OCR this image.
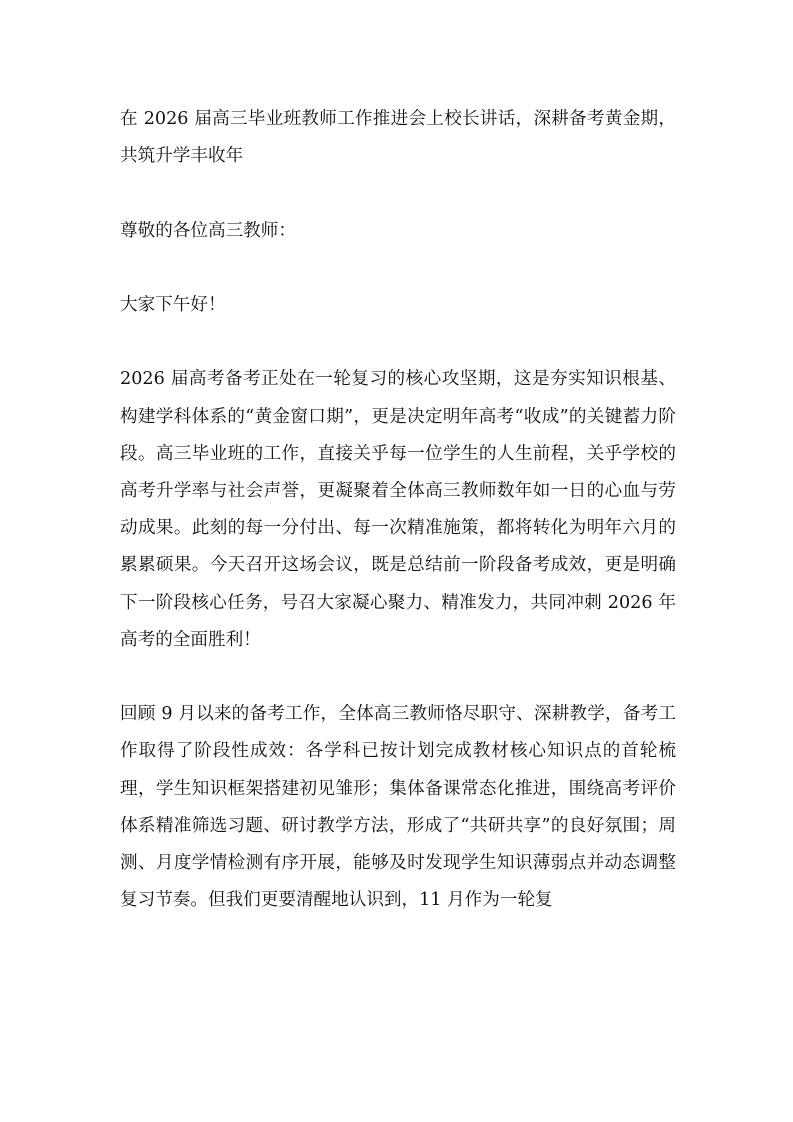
在 2026 届高三毕业班教师工作推进会上校长讲话，深耕备考黄金期，共筑升学丰收年

尊敬的各位高三教师：

大家下午好！

2026 届高考备考正处在一轮复习的核心攻坚期，这是夯实知识根基、构建学科体系的“黄金窗口期”，更是决定明年高考“收成”的关键蓄力阶段。高三毕业班的工作，直接关乎每一位学生的人生前程，关乎学校的高考升学率与社会声誉，更凝聚着全体高三教师数年如一日的心血与劳动成果。此刻的每一分付出、每一次精准施策，都将转化为明年六月的累累硕果。今天召开这场会议，既是总结前一阶段备考成效，更是明确下一阶段核心任务，号召大家凝心聚力、精准发力，共同冲刺 2026 年高考的全面胜利！

回顾 9 月以来的备考工作，全体高三教师恪尽职守、深耕教学，备考工作取得了阶段性成效：各学科已按计划完成教材核心知识点的首轮梳理，学生知识框架搭建初见雏形；集体备课常态化推进，围绕高考评价体系精准筛选习题、研讨教学方法，形成了“共研共享”的良好氛围；周测、月度学情检测有序开展，能够及时发现学生知识薄弱点并动态调整复习节奏。但我们更要清醒地认识到，11 月作为一轮复
